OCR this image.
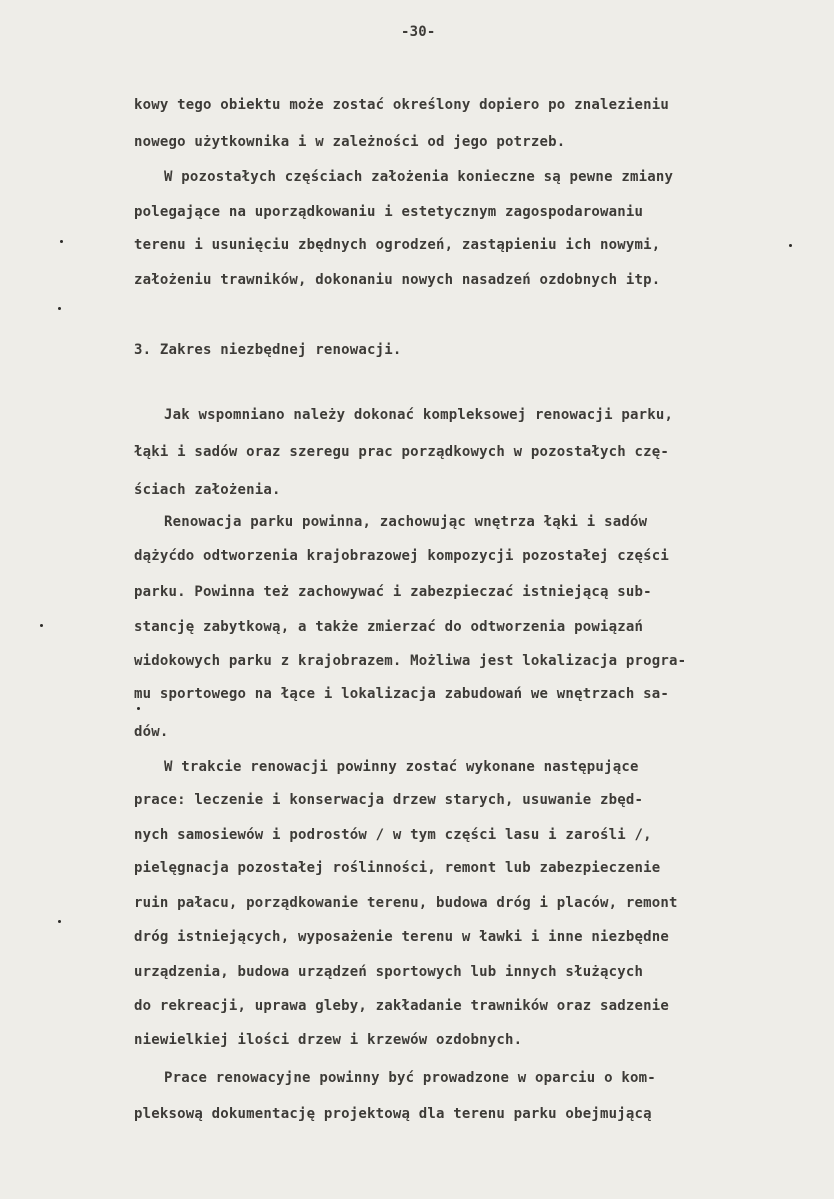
-30-
kowy tego obiektu może zostać określony dopiero po znalezieniu
nowego użytkownika i w zależności od jego potrzeb.
W pozostałych częściach założenia konieczne są pewne zmiany
polegające na uporządkowaniu i estetycznym zagospodarowaniu
terenu i usunięciu zbędnych ogrodzeń, zastąpieniu ich nowymi,
założeniu trawników, dokonaniu nowych nasadzeń ozdobnych itp.
3. Zakres niezbędnej renowacji.
Jak wspomniano należy dokonać kompleksowej renowacji parku,
łąki i sadów oraz szeregu prac porządkowych w pozostałych czę-
ściach założenia.
Renowacja parku powinna, zachowując wnętrza łąki i sadów
dążyćdo odtworzenia krajobrazowej kompozycji pozostałej części
parku. Powinna też zachowywać i zabezpieczać istniejącą sub-
stancję zabytkową, a także zmierzać do odtworzenia powiązań
widokowych parku z krajobrazem. Możliwa jest lokalizacja progra-
mu sportowego na łące i lokalizacja zabudowań we wnętrzach sa-
dów.
W trakcie renowacji powinny zostać wykonane następujące
prace: leczenie i konserwacja drzew starych, usuwanie zbęd-
nych samosiewów i podrostów / w tym części lasu i zarośli /,
pielęgnacja pozostałej roślinności, remont lub zabezpieczenie
ruin pałacu, porządkowanie terenu, budowa dróg i placów, remont
dróg istniejących, wyposażenie terenu w ławki i inne niezbędne
urządzenia, budowa urządzeń sportowych lub innych służących
do rekreacji, uprawa gleby, zakładanie trawników oraz sadzenie
niewielkiej ilości drzew i krzewów ozdobnych.
Prace renowacyjne powinny być prowadzone w oparciu o kom-
pleksową dokumentację projektową dla terenu parku obejmującą
